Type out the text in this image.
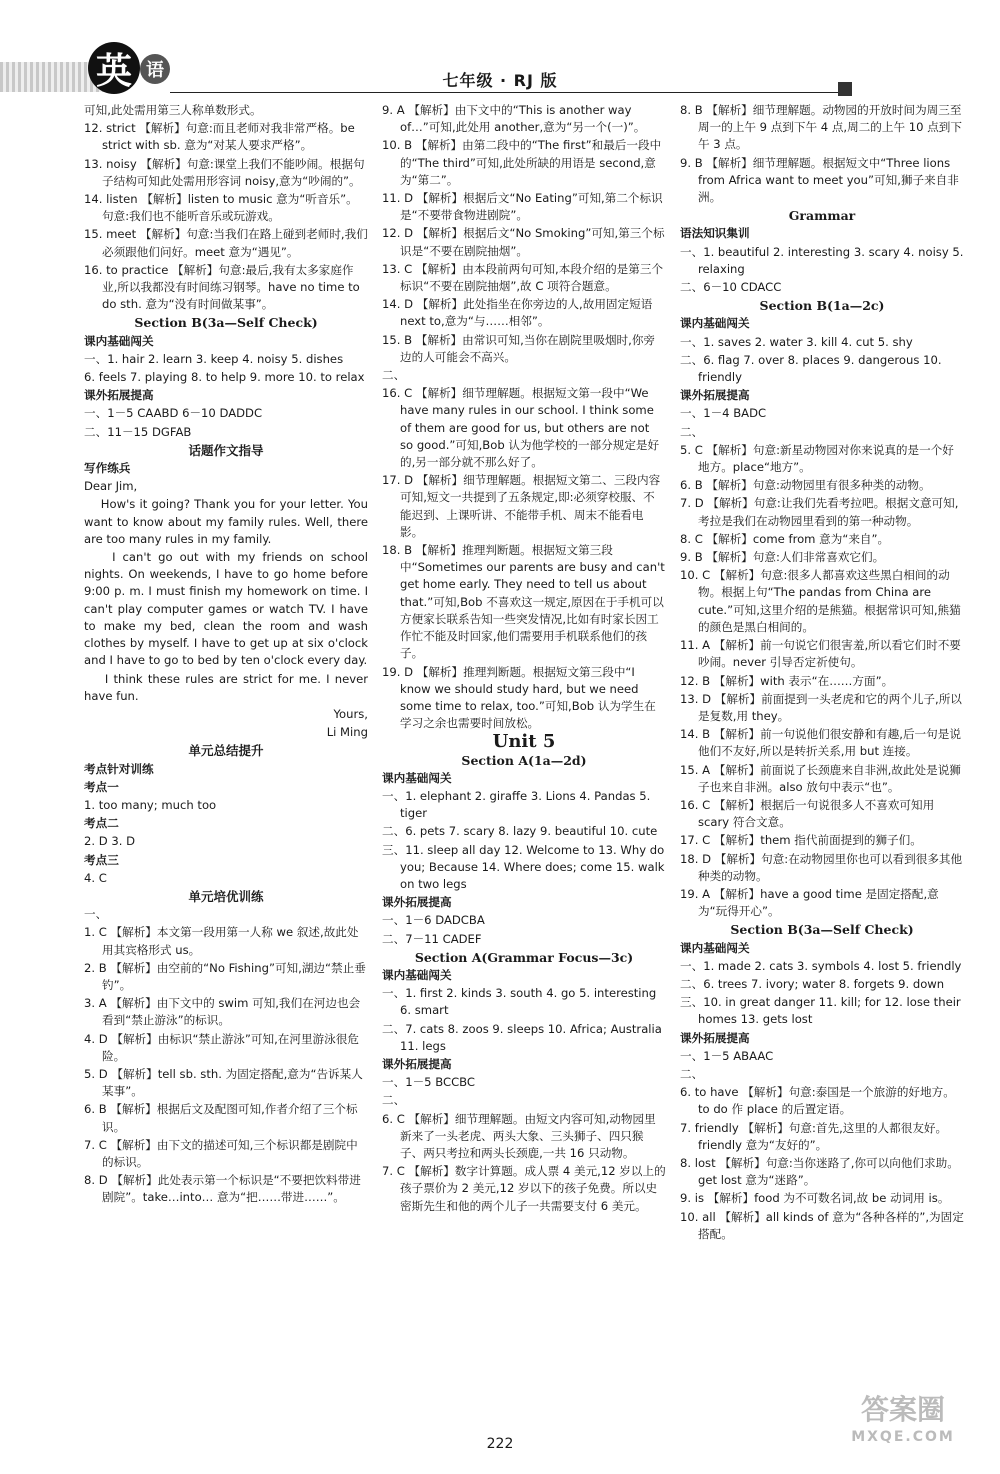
英 语	七年级 · RJ 版

可知,此处需用第三人称单数形式。

12. strict 【解析】句意:而且老师对我非常严格。be strict with sb. 意为“对某人要求严格”。

13. noisy 【解析】句意:课堂上我们不能吵闹。根据句子结构可知此处需用形容词 noisy,意为“吵闹的”。

14. listen 【解析】listen to music 意为“听音乐”。句意:我们也不能听音乐或玩游戏。

15. meet 【解析】句意:当我们在路上碰到老师时,我们必须跟他们问好。meet 意为“遇见”。

16. to practice 【解析】句意:最后,我有太多家庭作业,所以我都没有时间练习钢琴。have no time to do sth. 意为“没有时间做某事”。

Section B(3a—Self Check)

课内基础闯关

一、1. hair 2. learn 3. keep 4. noisy 5. dishes

6. feels 7. playing 8. to help 9. more 10. to relax

课外拓展提高

一、1－5 CAABD 6－10 DADDC

二、11－15 DGFAB

话题作文指导

写作练兵

Dear Jim,

How's it going? Thank you for your letter. You want to know about my family rules. Well, there are too many rules in my family.

I can't go out with my friends on school nights. On weekends, I have to go home before 9:00 p. m. I must finish my homework on time. I can't play computer games or watch TV. I have to make my bed, clean the room and wash clothes by myself. I have to get up at six o'clock and I have to go to bed by ten o'clock every day.

I think these rules are strict for me. I never have fun.

Yours,

Li Ming

单元总结提升

考点针对训练

考点一

1. too many; much too

考点二

2. D 3. D

考点三

4. C

单元培优训练

一、

1. C 【解析】本文第一段用第一人称 we 叙述,故此处用其宾格形式 us。

2. B 【解析】由空前的“No Fishing”可知,湖边“禁止垂钓”。

3. A 【解析】由下文中的 swim 可知,我们在河边也会看到“禁止游泳”的标识。

4. D 【解析】由标识“禁止游泳”可知,在河里游泳很危险。

5. D 【解析】tell sb. sth. 为固定搭配,意为“告诉某人某事”。

6. B 【解析】根据后文及配图可知,作者介绍了三个标识。

7. C 【解析】由下文的描述可知,三个标识都是剧院中的标识。

8. D 【解析】此处表示第一个标识是“不要把饮料带进剧院”。take…into… 意为“把……带进……”。

9. A 【解析】由下文中的“This is another way of…”可知,此处用 another,意为“另一个(一)”。

10. B 【解析】由第二段中的“The first”和最后一段中的“The third”可知,此处所缺的用语是 second,意为“第二”。

11. D 【解析】根据后文“No Eating”可知,第二个标识是“不要带食物进剧院”。

12. D 【解析】根据后文“No Smoking”可知,第三个标识是“不要在剧院抽烟”。

13. C 【解析】由本段前两句可知,本段介绍的是第三个标识“不要在剧院抽烟”,故 C 项符合题意。

14. D 【解析】此处指坐在你旁边的人,故用固定短语 next to,意为“与……相邻”。

15. B 【解析】由常识可知,当你在剧院里吸烟时,你旁边的人可能会不高兴。

二、

16. C 【解析】细节理解题。根据短文第一段中“We have many rules in our school. I think some of them are good for us, but others are not so good.”可知,Bob 认为他学校的一部分规定是好的,另一部分就不那么好了。

17. D 【解析】细节理解题。根据短文第二、三段内容可知,短文一共提到了五条规定,即:必须穿校服、不能迟到、上课听讲、不能带手机、周末不能看电影。

18. B 【解析】推理判断题。根据短文第三段中“Sometimes our parents are busy and can't get home early. They need to tell us about that.”可知,Bob 不喜欢这一规定,原因在于手机可以方便家长联系告知一些突发情况,比如有时家长因工作忙不能及时回家,他们需要用手机联系他们的孩子。

19. D 【解析】推理判断题。根据短文第三段中“I know we should study hard, but we need some time to relax, too.”可知,Bob 认为学生在学习之余也需要时间放松。

Unit 5

Section A(1a—2d)

课内基础闯关

一、1. elephant 2. giraffe 3. Lions 4. Pandas 5. tiger

二、6. pets 7. scary 8. lazy 9. beautiful 10. cute

三、11. sleep all day 12. Welcome to 13. Why do you; Because 14. Where does; come 15. walk on two legs

课外拓展提高

一、1－6 DADCBA

二、7－11 CADEF

Section A(Grammar Focus—3c)

课内基础闯关

一、1. first 2. kinds 3. south 4. go 5. interesting 6. smart

二、7. cats 8. zoos 9. sleeps 10. Africa; Australia 11. legs

课外拓展提高

一、1－5 BCCBC

二、

6. C 【解析】细节理解题。由短文内容可知,动物园里新来了一头老虎、两头大象、三头狮子、四只猴子、两只考拉和两头长颈鹿,一共 16 只动物。

7. C 【解析】数字计算题。成人票 4 美元,12 岁以上的孩子票价为 2 美元,12 岁以下的孩子免费。所以史密斯先生和他的两个儿子一共需要支付 6 美元。

8. B 【解析】细节理解题。动物园的开放时间为周三至周一的上午 9 点到下午 4 点,周二的上午 10 点到下午 3 点。

9. B 【解析】细节理解题。根据短文中“Three lions from Africa want to meet you”可知,狮子来自非洲。

Grammar

语法知识集训

一、1. beautiful 2. interesting 3. scary 4. noisy 5. relaxing

二、6－10 CDACC

Section B(1a—2c)

课内基础闯关

一、1. saves 2. water 3. kill 4. cut 5. shy

二、6. flag 7. over 8. places 9. dangerous 10. friendly

课外拓展提高

一、1－4 BADC

二、

5. C 【解析】句意:新星动物园对你来说真的是一个好地方。place“地方”。

6. B 【解析】句意:动物园里有很多种类的动物。

7. D 【解析】句意:让我们先看考拉吧。根据文意可知,考拉是我们在动物园里看到的第一种动物。

8. C 【解析】come from 意为“来自”。

9. B 【解析】句意:人们非常喜欢它们。

10. C 【解析】句意:很多人都喜欢这些黑白相间的动物。根据上句“The pandas from China are cute.”可知,这里介绍的是熊猫。根据常识可知,熊猫的颜色是黑白相间的。

11. A 【解析】前一句说它们很害羞,所以看它们时不要吵闹。never 引导否定祈使句。

12. B 【解析】with 表示“在……方面”。

13. D 【解析】前面提到一头老虎和它的两个儿子,所以是复数,用 they。

14. B 【解析】前一句说他们很安静和有趣,后一句是说他们不友好,所以是转折关系,用 but 连接。

15. A 【解析】前面说了长颈鹿来自非洲,故此处是说狮子也来自非洲。also 放句中表示“也”。

16. C 【解析】根据后一句说很多人不喜欢可知用 scary 符合文意。

17. C 【解析】them 指代前面提到的狮子们。

18. D 【解析】句意:在动物园里你也可以看到很多其他种类的动物。

19. A 【解析】have a good time 是固定搭配,意为“玩得开心”。

Section B(3a—Self Check)

课内基础闯关

一、1. made 2. cats 3. symbols 4. lost 5. friendly

二、6. trees 7. ivory; water 8. forgets 9. down

三、10. in great danger 11. kill; for 12. lose their homes 13. gets lost

课外拓展提高

一、1－5 ABAAC

二、

6. to have 【解析】句意:泰国是一个旅游的好地方。to do 作 place 的后置定语。

7. friendly 【解析】句意:首先,这里的人都很友好。friendly 意为“友好的”。

8. lost 【解析】句意:当你迷路了,你可以向他们求助。get lost 意为“迷路”。

9. is 【解析】food 为不可数名词,故 be 动词用 is。

10. all 【解析】all kinds of 意为“各种各样的”,为固定搭配。

222
答案圈
MXQE.COM
